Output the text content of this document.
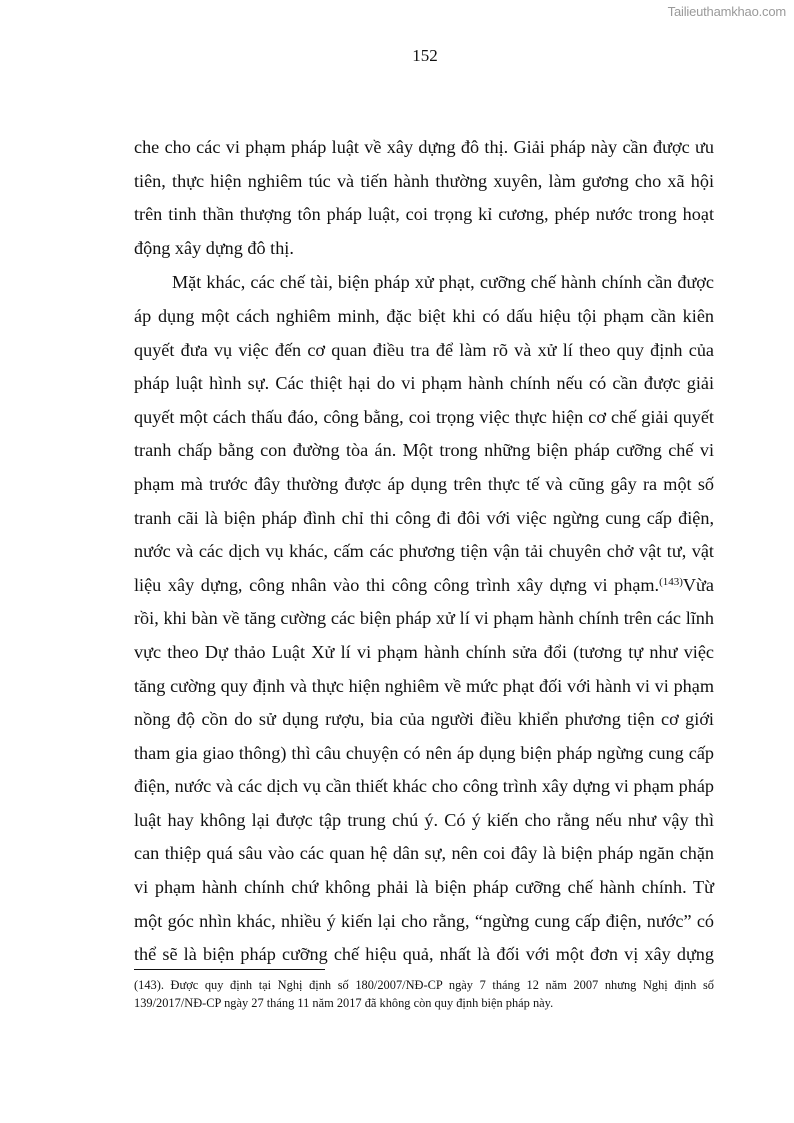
Tailieuthamkhao.com
152
che cho các vi phạm pháp luật về xây dựng đô thị. Giải pháp này cần được ưu
tiên, thực hiện nghiêm túc và tiến hành thường xuyên, làm gương cho xã hội
trên tinh thần thượng tôn pháp luật, coi trọng kỉ cương, phép nước trong hoạt
động xây dựng đô thị.
Mặt khác, các chế tài, biện pháp xử phạt, cưỡng chế hành chính cần được
áp dụng một cách nghiêm minh, đặc biệt khi có dấu hiệu tội phạm cần kiên
quyết đưa vụ việc đến cơ quan điều tra để làm rõ và xử lí theo quy định của
pháp luật hình sự. Các thiệt hại do vi phạm hành chính nếu có cần được giải
quyết một cách thấu đáo, công bằng, coi trọng việc thực hiện cơ chế giải quyết
tranh chấp bằng con đường tòa án. Một trong những biện pháp cưỡng chế vi
phạm mà trước đây thường được áp dụng trên thực tế và cũng gây ra một số
tranh cãi là biện pháp đình chỉ thi công đi đôi với việc ngừng cung cấp điện,
nước và các dịch vụ khác, cấm các phương tiện vận tải chuyên chở vật tư, vật
liệu xây dựng, công nhân vào thi công công trình xây dựng vi phạm.$^{(143)}$Vừa
rồi, khi bàn về tăng cường các biện pháp xử lí vi phạm hành chính trên các lĩnh
vực theo Dự thảo Luật Xử lí vi phạm hành chính sửa đổi (tương tự như việc
tăng cường quy định và thực hiện nghiêm về mức phạt đối với hành vi vi phạm
nồng độ cồn do sử dụng rượu, bia của người điều khiển phương tiện cơ giới
tham gia giao thông) thì câu chuyện có nên áp dụng biện pháp ngừng cung cấp
điện, nước và các dịch vụ cần thiết khác cho công trình xây dựng vi phạm pháp
luật hay không lại được tập trung chú ý. Có ý kiến cho rằng nếu như vậy thì
can thiệp quá sâu vào các quan hệ dân sự, nên coi đây là biện pháp ngăn chặn
vi phạm hành chính chứ không phải là biện pháp cưỡng chế hành chính. Từ
một góc nhìn khác, nhiều ý kiến lại cho rằng, “ngừng cung cấp điện, nước” có
thể sẽ là biện pháp cưỡng chế hiệu quả, nhất là đối với một đơn vị xây dựng
(143). Được quy định tại Nghị định số 180/2007/NĐ-CP ngày 7 tháng 12 năm 2007 nhưng Nghị định số
139/2017/NĐ-CP ngày 27 tháng 11 năm 2017 đã không còn quy định biện pháp này.
